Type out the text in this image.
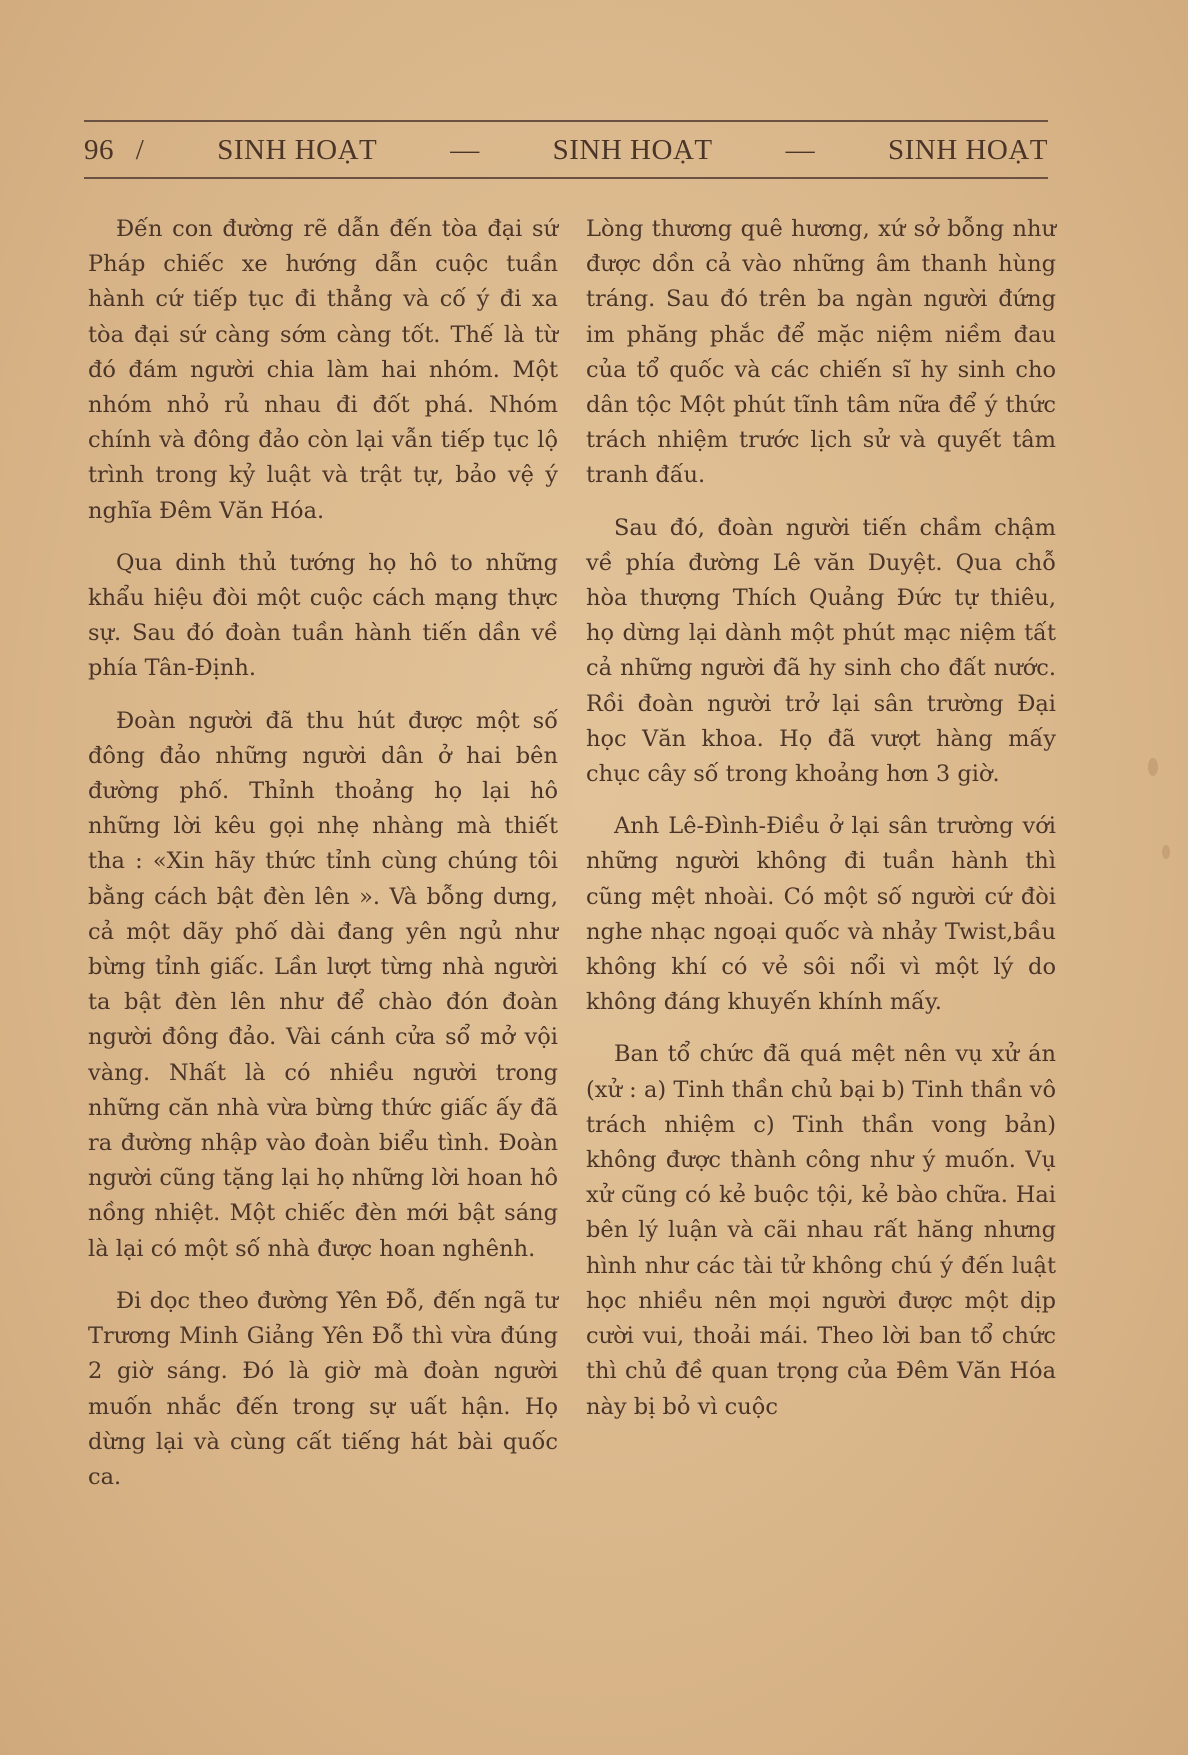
96 /	SINH HOẠT	—	SINH HOẠT	—	SINH HOẠT

Đến con đường rẽ dẫn đến tòa đại sứ Pháp chiếc xe hướng dẫn cuộc tuần hành cứ tiếp tục đi thẳng và cố ý đi xa tòa đại sứ càng sớm càng tốt. Thế là từ đó đám người chia làm hai nhóm. Một nhóm nhỏ rủ nhau đi đốt phá. Nhóm chính và đông đảo còn lại vẫn tiếp tục lộ trình trong kỷ luật và trật tự, bảo vệ ý nghĩa Đêm Văn Hóa.

Qua dinh thủ tướng họ hô to những khẩu hiệu đòi một cuộc cách mạng thực sự. Sau đó đoàn tuần hành tiến dần về phía Tân-Định.

Đoàn người đã thu hút được một số đông đảo những người dân ở hai bên đường phố. Thỉnh thoảng họ lại hô những lời kêu gọi nhẹ nhàng mà thiết tha : «Xin hãy thức tỉnh cùng chúng tôi bằng cách bật đèn lên ». Và bỗng dưng, cả một dãy phố dài đang yên ngủ như bừng tỉnh giấc. Lần lượt từng nhà người ta bật đèn lên như để chào đón đoàn người đông đảo. Vài cánh cửa sổ mở vội vàng. Nhất là có nhiều người trong những căn nhà vừa bừng thức giấc ấy đã ra đường nhập vào đoàn biểu tình. Đoàn người cũng tặng lại họ những lời hoan hô nồng nhiệt. Một chiếc đèn mới bật sáng là lại có một số nhà được hoan nghênh.

Đi dọc theo đường Yên Đỗ, đến ngã tư Trương Minh Giảng Yên Đỗ thì vừa đúng 2 giờ sáng. Đó là giờ mà đoàn người muốn nhắc đến trong sự uất hận. Họ dừng lại và cùng cất tiếng hát bài quốc ca.

Lòng thương quê hương, xứ sở bỗng như được dồn cả vào những âm thanh hùng tráng. Sau đó trên ba ngàn người đứng im phăng phắc để mặc niệm niềm đau của tổ quốc và các chiến sĩ hy sinh cho dân tộc Một phút tĩnh tâm nữa để ý thức trách nhiệm trước lịch sử và quyết tâm tranh đấu.

Sau đó, đoàn người tiến chầm chậm về phía đường Lê văn Duyệt. Qua chỗ hòa thượng Thích Quảng Đức tự thiêu, họ dừng lại dành một phút mạc niệm tất cả những người đã hy sinh cho đất nước. Rồi đoàn người trở lại sân trường Đại học Văn khoa. Họ đã vượt hàng mấy chục cây số trong khoảng hơn 3 giờ.

Anh Lê-Đình-Điều ở lại sân trường với những người không đi tuần hành thì cũng mệt nhoài. Có một số người cứ đòi nghe nhạc ngoại quốc và nhảy Twist,bầu không khí có vẻ sôi nổi vì một lý do không đáng khuyến khính mấy.

Ban tổ chức đã quá mệt nên vụ xử án (xử : a) Tinh thần chủ bại b) Tinh thần vô trách nhiệm c) Tinh thần vong bản) không được thành công như ý muốn. Vụ xử cũng có kẻ buộc tội, kẻ bào chữa. Hai bên lý luận và cãi nhau rất hăng nhưng hình như các tài tử không chú ý đến luật học nhiều nên mọi người được một dịp cười vui, thoải mái. Theo lời ban tổ chức thì chủ đề quan trọng của Đêm Văn Hóa này bị bỏ vì cuộc
